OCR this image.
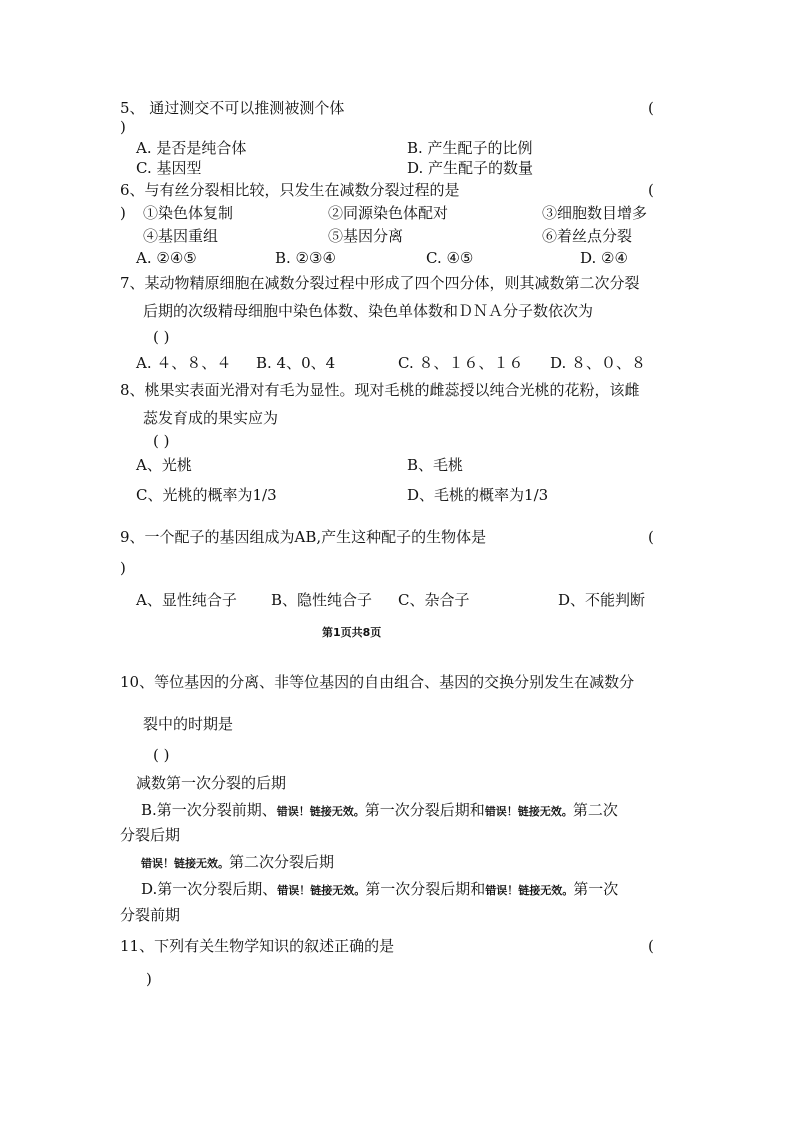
5、 通过测交不可以推测被测个体	(
)
A. 是否是纯合体	B. 产生配子的比例
C. 基因型	D. 产生配子的数量
6、与有丝分裂相比较，只发生在减数分裂过程的是	(
) ①染色体复制	②同源染色体配对	③细胞数目增多
④基因重组	⑤基因分离	⑥着丝点分裂
A. ②④⑤	B. ②③④	C. ④⑤	D. ②④
7、某动物精原细胞在减数分裂过程中形成了四个四分体，则其减数第二次分裂
后期的次级精母细胞中染色体数、染色单体数和ＤＮＡ分子数依次为
( )
A. ４、８、４ B. 4、0、4	C. ８、１６、１６ D. ８、０、８
8、桃果实表面光滑对有毛为显性。现对毛桃的雌蕊授以纯合光桃的花粉，该雌
蕊发育成的果实应为
( )
A、光桃	B、毛桃
C、光桃的概率为1/3	D、毛桃的概率为1/3
9、一个配子的基因组成为AB,产生这种配子的生物体是	(
)
A、显性纯合子 B、隐性纯合子 C、杂合子	D、不能判断
第1页共8页
10、等位基因的分离、非等位基因的自由组合、基因的交换分别发生在减数分
裂中的时期是
( )
减数第一次分裂的后期
B.第一次分裂前期、错误！链接无效。第一次分裂后期和错误！链接无效。第二次
分裂后期
错误！链接无效。第二次分裂后期
D.第一次分裂后期、错误！链接无效。第一次分裂后期和错误！链接无效。第一次
分裂前期
11、下列有关生物学知识的叙述正确的是	(
)
